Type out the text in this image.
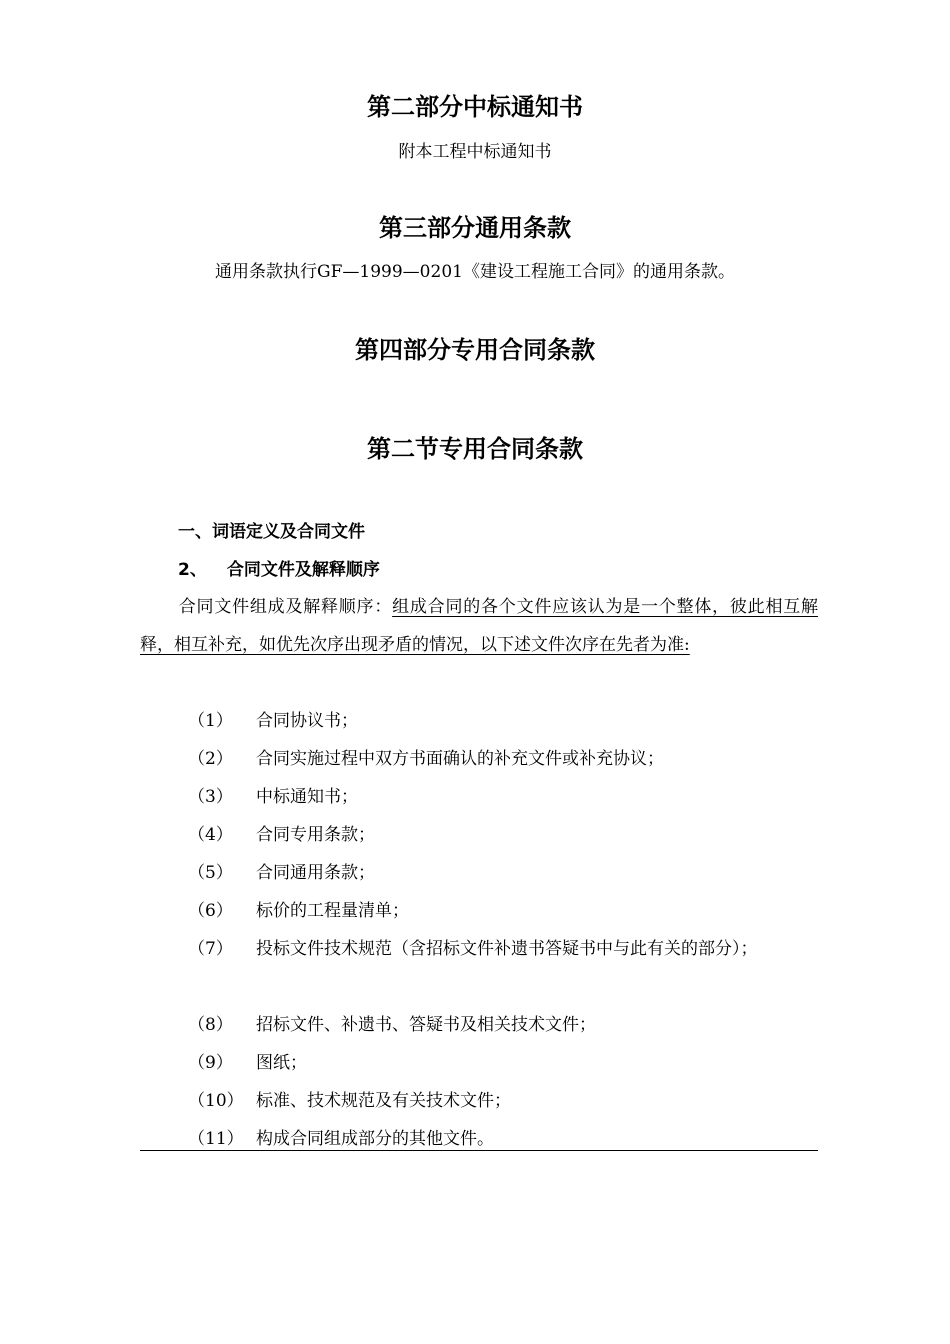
第二部分中标通知书
附本工程中标通知书
第三部分通用条款
通用条款执行GF—1999—0201《建设工程施工合同》的通用条款。
第四部分专用合同条款
第二节专用合同条款
一、词语定义及合同文件
2、 合同文件及解释顺序
合同文件组成及解释顺序：组成合同的各个文件应该认为是一个整体，彼此相互解释，相互补充，如优先次序出现矛盾的情况，以下述文件次序在先者为准:
（1） 合同协议书；
（2） 合同实施过程中双方书面确认的补充文件或补充协议；
（3） 中标通知书；
（4） 合同专用条款；
（5） 合同通用条款；
（6） 标价的工程量清单；
（7）	投标文件技术规范（含招标文件补遗书答疑书中与此有关的部分）；
（8） 招标文件、补遗书、答疑书及相关技术文件；
（9） 图纸；
（10） 标准、技术规范及有关技术文件；
（11） 构成合同组成部分的其他文件。
